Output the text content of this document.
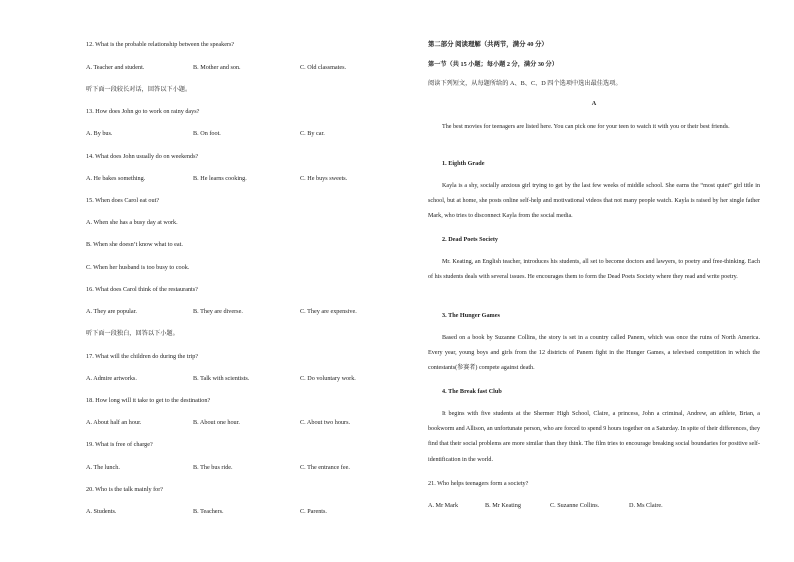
12. What is the probable relationship between the speakers?
A. Teacher and student.	B. Mother and son.	C. Old classmates.
听下面一段较长对话，回答以下小题。
13. How does John go to work on rainy days?
A. By bus.	B. On foot.	C. By car.
14. What does John usually do on weekends?
A. He bakes something.	B. He learns cooking.	C. He buys sweets.
15. When does Carol eat out?
A. When she has a busy day at work.
B. When she doesn’t know what to eat.
C. When her husband is too busy to cook.
16. What does Carol think of the restaurants?
A. They are popular.	B. They are diverse.	C. They are expensive.
听下面一段独白，回答以下小题。
17. What will the children do during the trip?
A. Admire artworks.	B. Talk with scientists.	C. Do voluntary work.
18. How long will it take to get to the destination?
A. About half an hour.	B. About one hour.	C. About two hours.
19. What is free of charge?
A. The lunch.	B. The bus ride.	C. The entrance fee.
20. Who is the talk mainly for?
A. Students.	B. Teachers.	C. Parents.
第二部分 阅读理解（共两节，满分 40 分）
第一节（共 15 小题；每小题 2 分，满分 30 分）
阅读下列短文，从每题所给的 A、B、C、D 四个选项中选出最佳选项。
A
The best movies for teenagers are listed here. You can pick one for your teen to watch it with you or their best friends.
1. Eighth Grade
Kayla is a shy, socially anxious girl trying to get by the last few weeks of middle school. She earns the “most quiet” girl title in school, but at home, she posts online self-help and motivational videos that not many people watch. Kayla is raised by her single father Mark, who tries to disconnect Kayla from the social media.
2. Dead Poets Society
Mr. Keating, an English teacher, introduces his students, all set to become doctors and lawyers, to poetry and free-thinking. Each of his students deals with several issues. He encourages them to form the Dead Poets Society where they read and write poetry.
3. The Hunger Games
Based on a book by Suzanne Collins, the story is set in a country called Panem, which was once the ruins of North America. Every year, young boys and girls from the 12 districts of Panem fight in the Hunger Games, a televised competition in which the contestants(参赛者) compete against death.
4. The Break fast Club
It begins with five students at the Shermer High School, Claire, a princess, John a criminal, Andrew, an athlete, Brian, a bookworm and Allison, an unfortunate person, who are forced to spend 9 hours together on a Saturday. In spite of their differences, they find that their social problems are more similar than they think. The film tries to encourage breaking social boundaries for positive self-identification in the world.
21. Who helps teenagers form a society?
A. Mr Mark	B. Mr Keating	C. Suzanne Collins.	D. Ms Claire.
